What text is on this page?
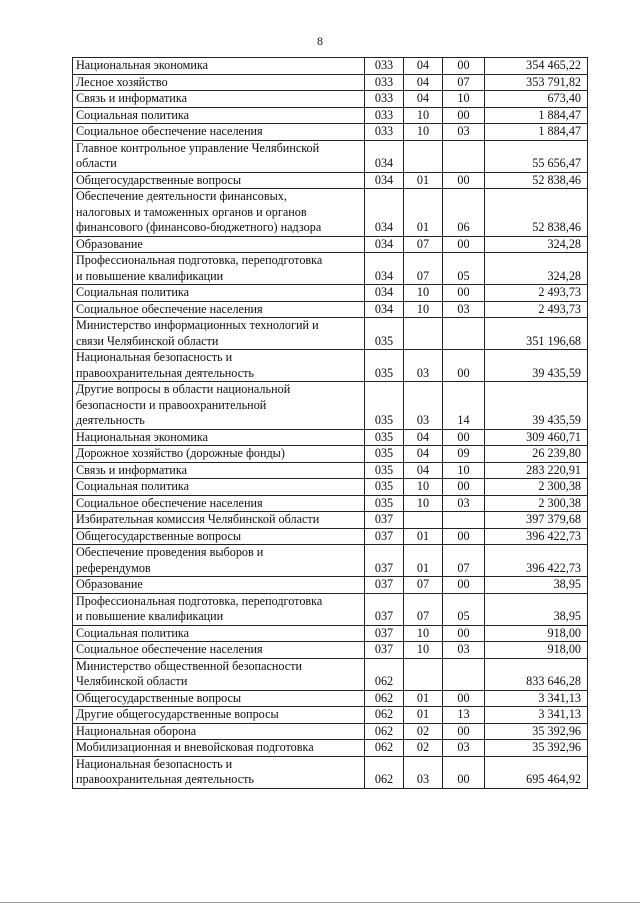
8
Национальная экономика	033	04	00	354 465,22
Лесное хозяйство	033	04	07	353 791,82
Связь и информатика	033	04	10	673,40
Социальная политика	033	10	00	1 884,47
Социальное обеспечение населения	033	10	03	1 884,47
Главное контрольное управление Челябинской
области	034			55 656,47
Общегосударственные вопросы	034	01	00	52 838,46
Обеспечение деятельности финансовых,
налоговых и таможенных органов и органов
финансового (финансово-бюджетного) надзора	034	01	06	52 838,46
Образование	034	07	00	324,28
Профессиональная подготовка, переподготовка
и повышение квалификации	034	07	05	324,28
Социальная политика	034	10	00	2 493,73
Социальное обеспечение населения	034	10	03	2 493,73
Министерство информационных технологий и
связи Челябинской области	035			351 196,68
Национальная безопасность и
правоохранительная деятельность	035	03	00	39 435,59
Другие вопросы в области национальной
безопасности и правоохранительной
деятельность	035	03	14	39 435,59
Национальная экономика	035	04	00	309 460,71
Дорожное хозяйство (дорожные фонды)	035	04	09	26 239,80
Связь и информатика	035	04	10	283 220,91
Социальная политика	035	10	00	2 300,38
Социальное обеспечение населения	035	10	03	2 300,38
Избирательная комиссия Челябинской области	037			397 379,68
Общегосударственные вопросы	037	01	00	396 422,73
Обеспечение проведения выборов и
референдумов	037	01	07	396 422,73
Образование	037	07	00	38,95
Профессиональная подготовка, переподготовка
и повышение квалификации	037	07	05	38,95
Социальная политика	037	10	00	918,00
Социальное обеспечение населения	037	10	03	918,00
Министерство общественной безопасности
Челябинской области	062			833 646,28
Общегосударственные вопросы	062	01	00	3 341,13
Другие общегосударственные вопросы	062	01	13	3 341,13
Национальная оборона	062	02	00	35 392,96
Мобилизационная и вневойсковая подготовка	062	02	03	35 392,96
Национальная безопасность и
правоохранительная деятельность	062	03	00	695 464,92
